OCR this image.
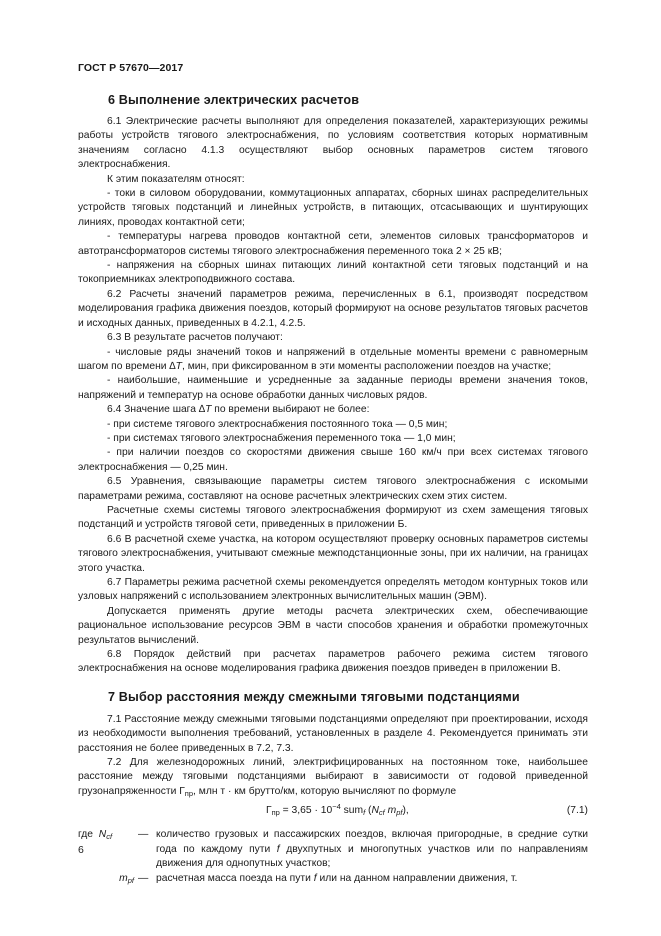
ГОСТ Р 57670—2017
6 Выполнение электрических расчетов

6.1 Электрические расчеты выполняют для определения показателей, характеризующих режимы работы устройств тягового электроснабжения, по условиям соответствия которых нормативным значениям согласно 4.1.3 осуществляют выбор основных параметров систем тягового электроснабжения.

К этим показателям относят:

- токи в силовом оборудовании, коммутационных аппаратах, сборных шинах распределительных устройств тяговых подстанций и линейных устройств, в питающих, отсасывающих и шунтирующих линиях, проводах контактной сети;

- температуры нагрева проводов контактной сети, элементов силовых трансформаторов и автотрансформаторов системы тягового электроснабжения переменного тока 2 × 25 кВ;

- напряжения на сборных шинах питающих линий контактной сети тяговых подстанций и на токоприемниках электроподвижного состава.

6.2 Расчеты значений параметров режима, перечисленных в 6.1, производят посредством моделирования графика движения поездов, который формируют на основе результатов тяговых расчетов и исходных данных, приведенных в 4.2.1, 4.2.5.

6.3 В результате расчетов получают:

- числовые ряды значений токов и напряжений в отдельные моменты времени с равномерным шагом по времени ∆T, мин, при фиксированном в эти моменты расположении поездов на участке;

- наибольшие, наименьшие и усредненные за заданные периоды времени значения токов, напряжений и температур на основе обработки данных числовых рядов.

6.4 Значение шага ∆T по времени выбирают не более:

- при системе тягового электроснабжения постоянного тока — 0,5 мин;

- при системах тягового электроснабжения переменного тока — 1,0 мин;

- при наличии поездов со скоростями движения свыше 160 км/ч при всех системах тягового электроснабжения — 0,25 мин.

6.5 Уравнения, связывающие параметры систем тягового электроснабжения с искомыми параметрами режима, составляют на основе расчетных электрических схем этих систем.

Расчетные схемы системы тягового электроснабжения формируют из схем замещения тяговых подстанций и устройств тяговой сети, приведенных в приложении Б.

6.6 В расчетной схеме участка, на котором осуществляют проверку основных параметров системы тягового электроснабжения, учитывают смежные межподстанционные зоны, при их наличии, на границах этого участка.

6.7 Параметры режима расчетной схемы рекомендуется определять методом контурных токов или узловых напряжений с использованием электронных вычислительных машин (ЭВМ).

Допускается применять другие методы расчета электрических схем, обеспечивающие рациональное использование ресурсов ЭВМ в части способов хранения и обработки промежуточных результатов вычислений.

6.8 Порядок действий при расчетах параметров рабочего режима систем тягового электроснабжения на основе моделирования графика движения поездов приведен в приложении В.

7 Выбор расстояния между смежными тяговыми подстанциями

7.1 Расстояние между смежными тяговыми подстанциями определяют при проектировании, исходя из необходимости выполнения требований, установленных в разделе 4. Рекомендуется принимать эти расстояния не более приведенных в 7.2, 7.3.

7.2 Для железнодорожных линий, электрифицированных на постоянном токе, наибольшее расстояние между тяговыми подстанциями выбирают в зависимости от годовой приведенной грузонапряженности $Г_{пр}$, млн т · км брутто/км, которую вычисляют по формуле

$Г_{пр} = 3,65 \cdot 10^{-4}$ sum$_f$ ($N_{cf}$ $m_{pf}$),	(7.1)
где $N_{cf}$	— количество грузовых и пассажирских поездов, включая пригородные, в средние сутки года по каждому пути f двухпутных и многопутных участков или по направлениям движения для однопутных участков;
$m_{pf}$ — расчетная масса поезда на пути f или на данном направлении движения, т.
6
